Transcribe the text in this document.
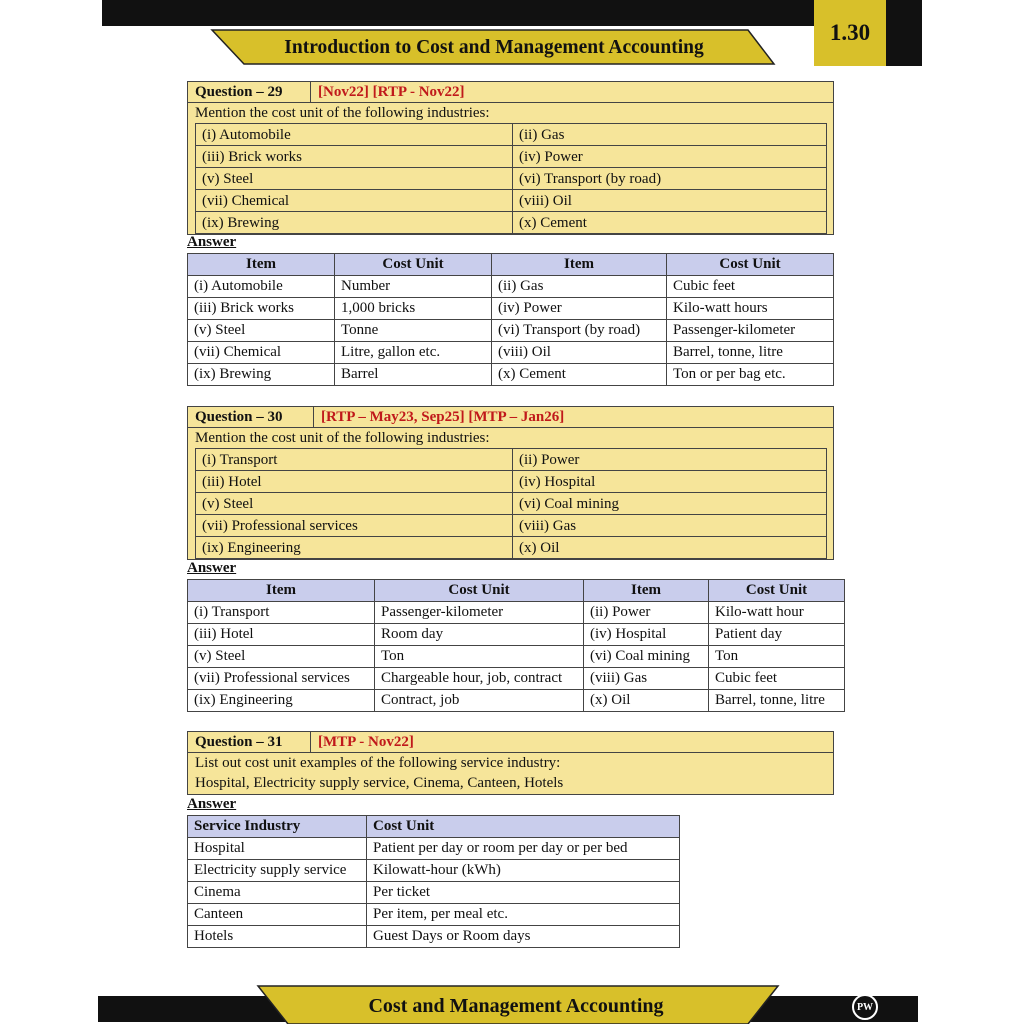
1.30
Introduction to Cost and Management Accounting
Question – 29	[Nov22] [RTP - Nov22]
Mention the cost unit of the following industries:
(i) Automobile	(ii) Gas
(iii) Brick works	(iv) Power
(v) Steel	(vi) Transport (by road)
(vii) Chemical	(viii) Oil
(ix) Brewing	(x) Cement
Answer
Item	Cost Unit	Item	Cost Unit
(i) Automobile	Number	(ii) Gas	Cubic feet
(iii) Brick works	1,000 bricks	(iv) Power	Kilo-watt hours
(v) Steel	Tonne	(vi) Transport (by road)	Passenger-kilometer
(vii) Chemical	Litre, gallon etc.	(viii) Oil	Barrel, tonne, litre
(ix) Brewing	Barrel	(x) Cement	Ton or per bag etc.
Question – 30	[RTP – May23, Sep25] [MTP – Jan26]
Mention the cost unit of the following industries:
(i) Transport	(ii) Power
(iii) Hotel	(iv) Hospital
(v) Steel	(vi) Coal mining
(vii) Professional services	(viii) Gas
(ix) Engineering	(x) Oil
Answer
Item	Cost Unit	Item	Cost Unit
(i) Transport	Passenger-kilometer	(ii) Power	Kilo-watt hour
(iii) Hotel	Room day	(iv) Hospital	Patient day
(v) Steel	Ton	(vi) Coal mining	Ton
(vii) Professional services	Chargeable hour, job, contract	(viii) Gas	Cubic feet
(ix) Engineering	Contract, job	(x) Oil	Barrel, tonne, litre
Question – 31	[MTP - Nov22]
List out cost unit examples of the following service industry:
Hospital, Electricity supply service, Cinema, Canteen, Hotels
Answer
Service Industry	Cost Unit
Hospital	Patient per day or room per day or per bed
Electricity supply service	Kilowatt-hour (kWh)
Cinema	Per ticket
Canteen	Per item, per meal etc.
Hotels	Guest Days or Room days
Cost and Management Accounting	PW
